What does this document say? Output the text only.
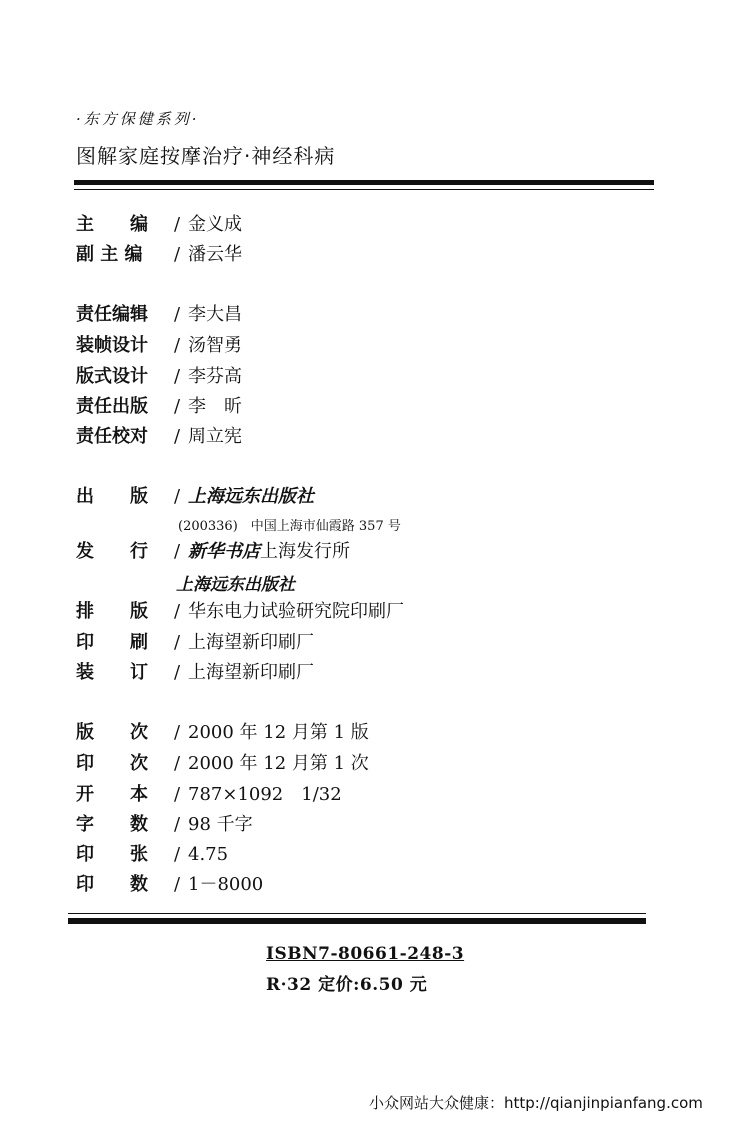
·东方保健系列·
图解家庭按摩治疗·神经科病
主　　编 / 金义成
副 主 编 / 潘云华
责任编辑 / 李大昌
装帧设计 / 汤智勇
版式设计 / 李芬高
责任出版 / 李　昕
责任校对 / 周立宪
出　　版 / 上海远东出版社
(200336)　中国上海市仙霞路 357 号
发　　行 / 新华书店上海发行所
上海远东出版社
排　　版 / 华东电力试验研究院印刷厂
印　　刷 / 上海望新印刷厂
装　　订 / 上海望新印刷厂
版　　次 / 2000 年 12 月第 1 版
印　　次 / 2000 年 12 月第 1 次
开　　本 / 787×1092　1/32
字　　数 / 98 千字
印　　张 / 4.75
印　　数 / 1－8000
ISBN7-80661-248-3
R·32 定价:6.50 元
小众网站大众健康：http://qianjinpianfang.com
